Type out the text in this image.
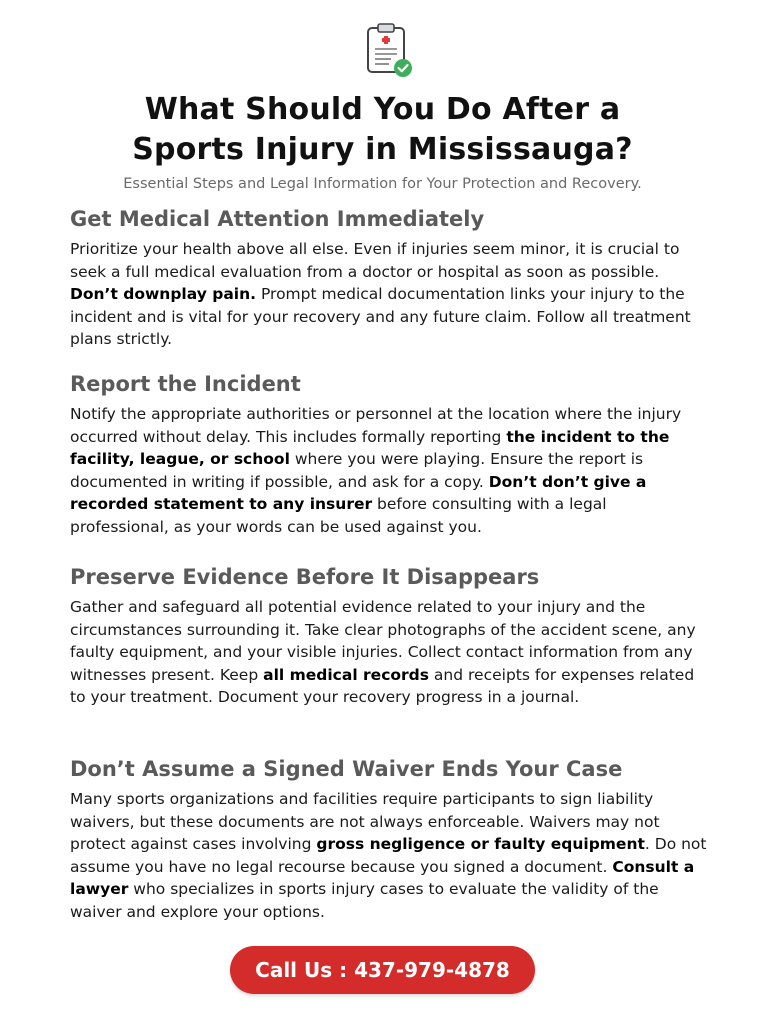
What Should You Do After a
Sports Injury in Mississauga?
Essential Steps and Legal Information for Your Protection and Recovery.
Get Medical Attention Immediately

Prioritize your health above all else. Even if injuries seem minor, it is crucial to seek a full medical evaluation from a doctor or hospital as soon as possible. Don’t downplay pain. Prompt medical documentation links your injury to the incident and is vital for your recovery and any future claim. Follow all treatment plans strictly.

Report the Incident

Notify the appropriate authorities or personnel at the location where the injury occurred without delay. This includes formally reporting the incident to the facility, league, or school where you were playing. Ensure the report is documented in writing if possible, and ask for a copy. Don’t don’t give a recorded statement to any insurer before consulting with a legal professional, as your words can be used against you.

Preserve Evidence Before It Disappears

Gather and safeguard all potential evidence related to your injury and the circumstances surrounding it. Take clear photographs of the accident scene, any faulty equipment, and your visible injuries. Collect contact information from any witnesses present. Keep all medical records and receipts for expenses related to your treatment. Document your recovery progress in a journal.

Don’t Assume a Signed Waiver Ends Your Case

Many sports organizations and facilities require participants to sign liability waivers, but these documents are not always enforceable. Waivers may not protect against cases involving gross negligence or faulty equipment. Do not assume you have no legal recourse because you signed a document. Consult a lawyer who specializes in sports injury cases to evaluate the validity of the waiver and explore your options.

Call Us : 437-979-4878
